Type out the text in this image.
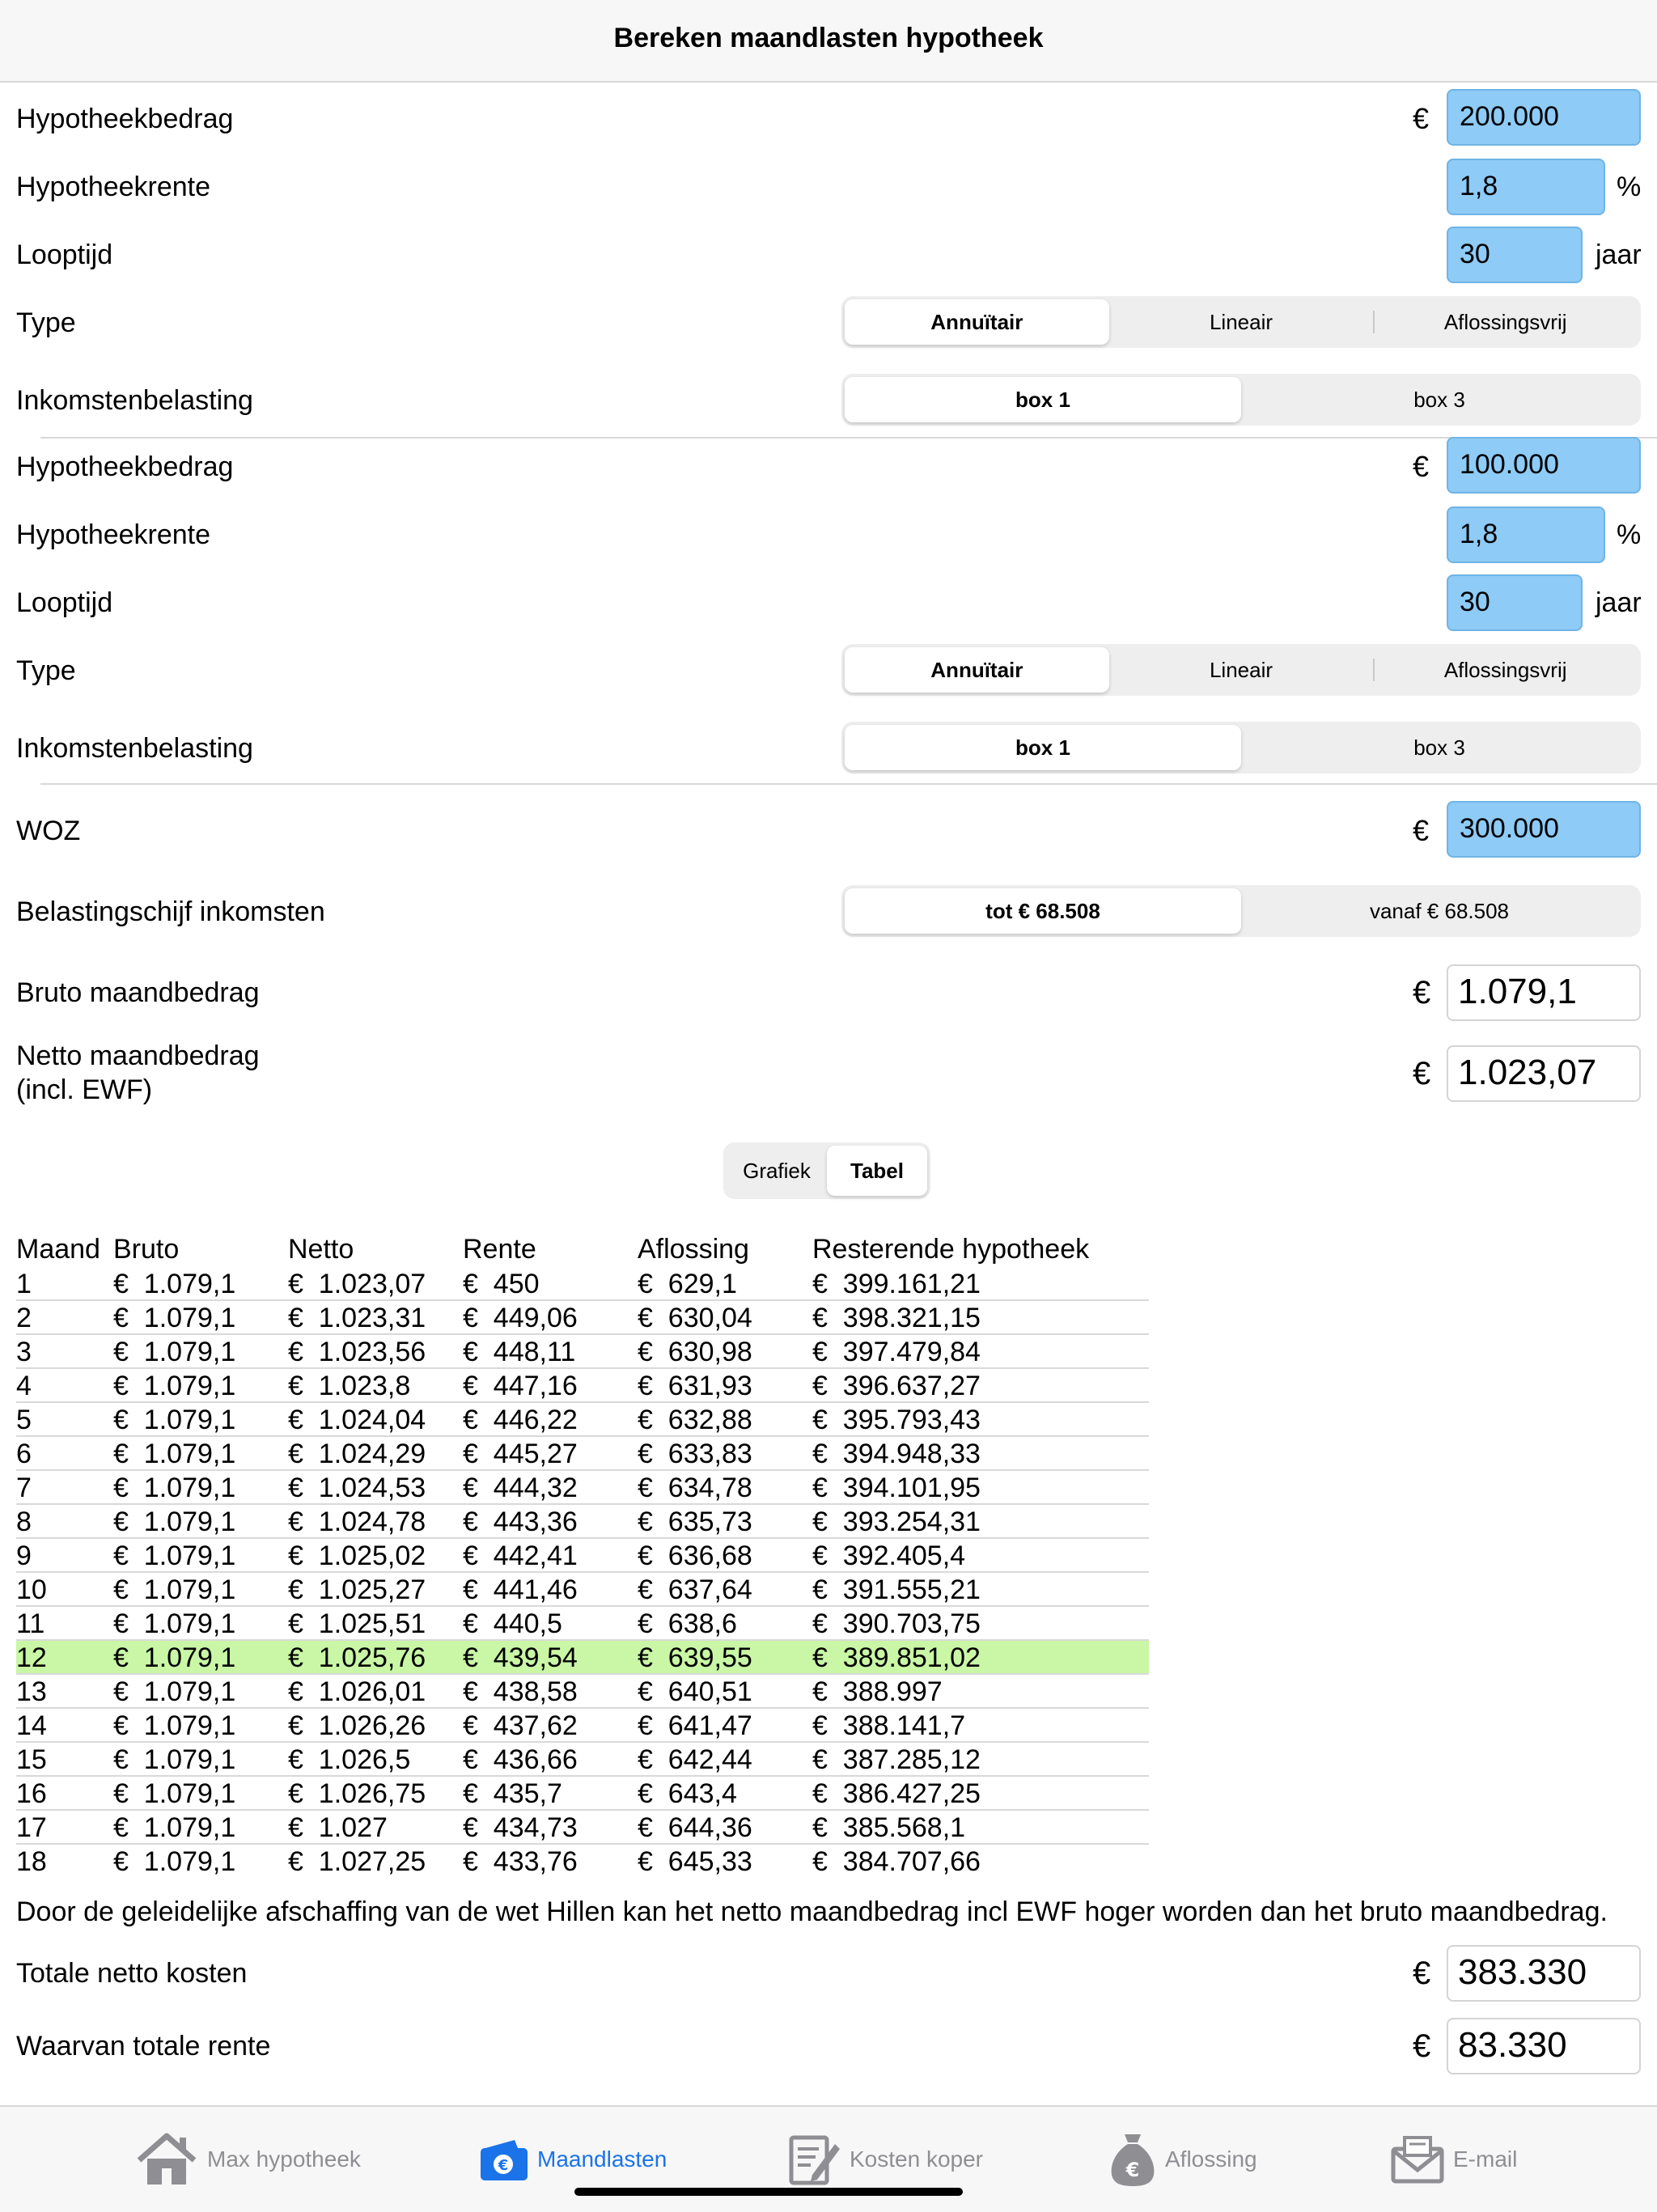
Bereken maandlasten hypotheek
Hypotheekbedrag	€	200.000
Hypotheekrente	1,8	%
Looptijd	30	jaar
Type	Annuïtair	Lineair	Aflossingsvrij
Inkomstenbelasting	box 1	box 3
Hypotheekbedrag	€	100.000
Hypotheekrente	1,8	%
Looptijd	30	jaar
Type	Annuïtair	Lineair	Aflossingsvrij
Inkomstenbelasting	box 1	box 3
WOZ	€	300.000
Belastingschijf inkomsten	tot € 68.508	vanaf € 68.508
Bruto maandbedrag	€ 1.079,1
Netto maandbedrag
(incl. EWF)	€ 1.023,07
Grafiek	Tabel
Maand Bruto	Netto	Rente	Aflossing	Resterende hypotheek
1	€  1.079,1	€  1.023,07	€  450	€  629,1	€  399.161,21
2	€  1.079,1	€  1.023,31	€  449,06	€  630,04	€  398.321,15
3	€  1.079,1	€  1.023,56	€  448,11	€  630,98	€  397.479,84
4	€  1.079,1	€  1.023,8	€  447,16	€  631,93	€  396.637,27
5	€  1.079,1	€  1.024,04	€  446,22	€  632,88	€  395.793,43
6	€  1.079,1	€  1.024,29	€  445,27	€  633,83	€  394.948,33
7	€  1.079,1	€  1.024,53	€  444,32	€  634,78	€  394.101,95
8	€  1.079,1	€  1.024,78	€  443,36	€  635,73	€  393.254,31
9	€  1.079,1	€  1.025,02	€  442,41	€  636,68	€  392.405,4
10	€  1.079,1	€  1.025,27	€  441,46	€  637,64	€  391.555,21
11	€  1.079,1	€  1.025,51	€  440,5	€  638,6	€  390.703,75
12	€  1.079,1	€  1.025,76	€  439,54	€  639,55	€  389.851,02
13	€  1.079,1	€  1.026,01	€  438,58	€  640,51	€  388.997
14	€  1.079,1	€  1.026,26	€  437,62	€  641,47	€  388.141,7
15	€  1.079,1	€  1.026,5	€  436,66	€  642,44	€  387.285,12
16	€  1.079,1	€  1.026,75	€  435,7	€  643,4	€  386.427,25
17	€  1.079,1	€  1.027	€  434,73	€  644,36	€  385.568,1
18	€  1.079,1	€  1.027,25	€  433,76	€  645,33	€  384.707,66
Door de geleidelijke afschaffing van de wet Hillen kan het netto maandbedrag incl EWF hoger worden dan het bruto maandbedrag.
Totale netto kosten	€ 383.330
Waarvan totale rente	€ 83.330
Max hypotheek	€ Maandlasten	Kosten koper	€ Aflossing	E-mail
